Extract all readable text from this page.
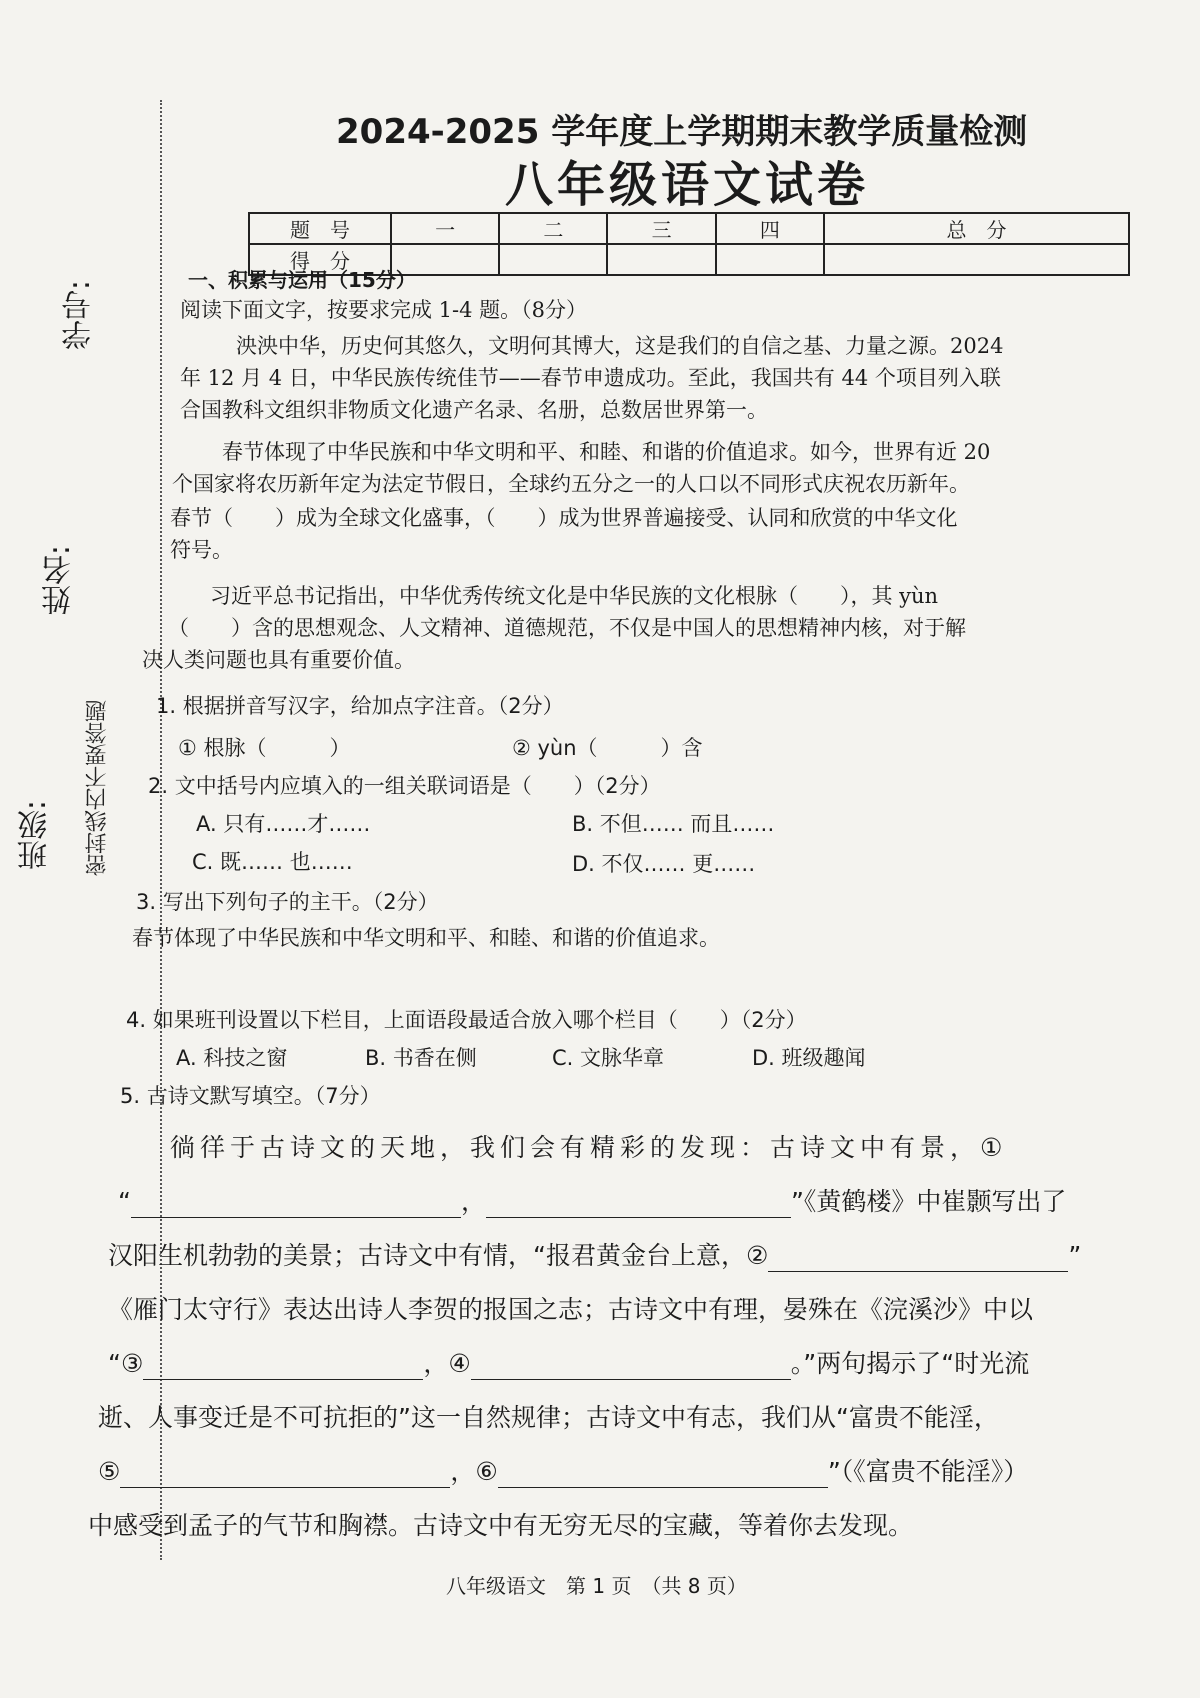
学号:
姓名:
班级: 密封线内不要答题
2024-2025 学年度上学期期末教学质量检测
八年级语文试卷
题　号	一	二	三	四	总　分
得　分					
一、积累与运用（15分）
阅读下面文字，按要求完成 1-4 题。（8分）
泱泱中华，历史何其悠久，文明何其博大，这是我们的自信之基、力量之源。2024
年 12 月 4 日，中华民族传统佳节——春节申遗成功。至此，我国共有 44 个项目列入联
合国教科文组织非物质文化遗产名录、名册，总数居世界第一。
春节体现了中华民族和中华文明和平、和睦、和谐的价值追求。如今，世界有近 20
个国家将农历新年定为法定节假日，全球约五分之一的人口以不同形式庆祝农历新年。
春节（　　）成为全球文化盛事，（　　）成为世界普遍接受、认同和欣赏的中华文化
符号。
习近平总书记指出，中华优秀传统文化是中华民族的文化根脉（　　），其 yùn
（　　）含的思想观念、人文精神、道德规范，不仅是中国人的思想精神内核，对于解
决人类问题也具有重要价值。
1. 根据拼音写汉字，给加点字注音。（2分）
① 根脉（　　　）	② yùn（　　　）含
2. 文中括号内应填入的一组关联词语是（　　）（2分）
A. 只有……才……	B. 不但…… 而且……
C. 既…… 也……	D. 不仅…… 更……
3. 写出下列句子的主干。（2分）
春节体现了中华民族和中华文明和平、和睦、和谐的价值追求。
4. 如果班刊设置以下栏目，上面语段最适合放入哪个栏目（　　）（2分）
A. 科技之窗	B. 书香在侧	C. 文脉华章	D. 班级趣闻
5. 古诗文默写填空。（7分）
徜徉于古诗文的天地，我们会有精彩的发现：古诗文中有景，①
“	，	”《黄鹤楼》中崔颢写出了
汉阳生机勃勃的美景；古诗文中有情，“报君黄金台上意，②	”
《雁门太守行》表达出诗人李贺的报国之志；古诗文中有理，晏殊在《浣溪沙》中以
“③	，④	。”两句揭示了“时光流
逝、人事变迁是不可抗拒的”这一自然规律；古诗文中有志，我们从“富贵不能淫，
⑤	，⑥	”（《富贵不能淫》）
中感受到孟子的气节和胸襟。古诗文中有无穷无尽的宝藏，等着你去发现。
八年级语文　第 1 页　（共 8 页）
